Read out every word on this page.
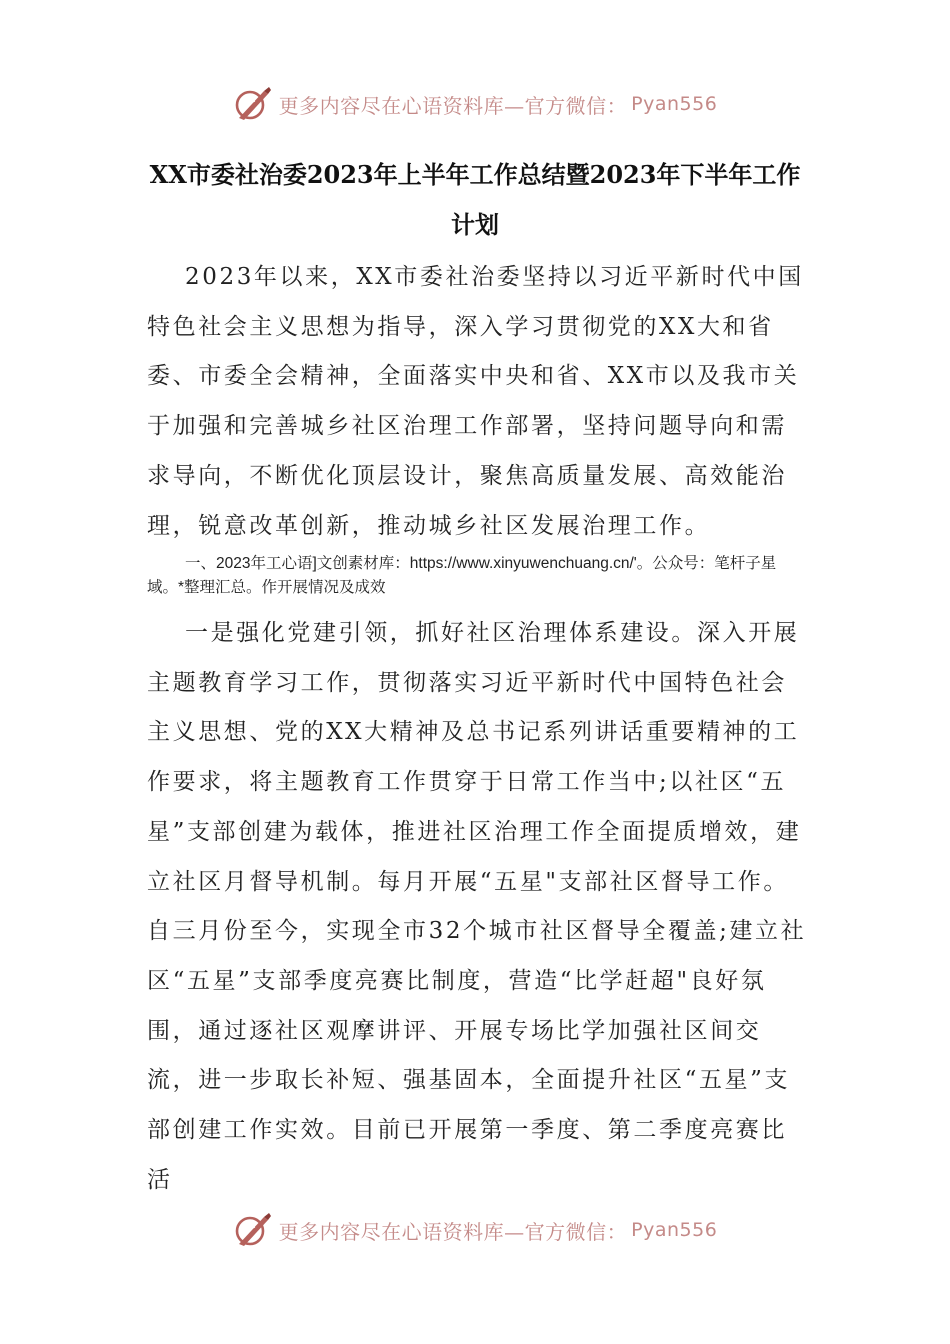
更多内容尽在心语资料库—官方微信： Pyan556
XX市委社治委2023年上半年工作总结暨2023年下半年工作计划
2023年以来，XX市委社治委坚持以习近平新时代中国特色社会主义思想为指导，深入学习贯彻党的XX大和省委、市委全会精神，全面落实中央和省、XX市以及我市关于加强和完善城乡社区治理工作部署，坚持问题导向和需求导向，不断优化顶层设计，聚焦高质量发展、高效能治理，锐意改革创新，推动城乡社区发展治理工作。
一、2023年工心语]文创素材库：https://www.xinyuwenchuang.cn/'。公众号：笔杆子星域。*整理汇总。作开展情况及成效
一是强化党建引领，抓好社区治理体系建设。深入开展主题教育学习工作，贯彻落实习近平新时代中国特色社会主义思想、党的XX大精神及总书记系列讲话重要精神的工作要求，将主题教育工作贯穿于日常工作当中;以社区“五星”支部创建为载体，推进社区治理工作全面提质增效，建立社区月督导机制。每月开展“五星"支部社区督导工作。自三月份至今，实现全市32个城市社区督导全覆盖;建立社区“五星”支部季度亮赛比制度，营造“比学赶超"良好氛围，通过逐社区观摩讲评、开展专场比学加强社区间交流，进一步取长补短、强基固本，全面提升社区“五星”支部创建工作实效。目前已开展第一季度、第二季度亮赛比活
更多内容尽在心语资料库—官方微信： Pyan556
